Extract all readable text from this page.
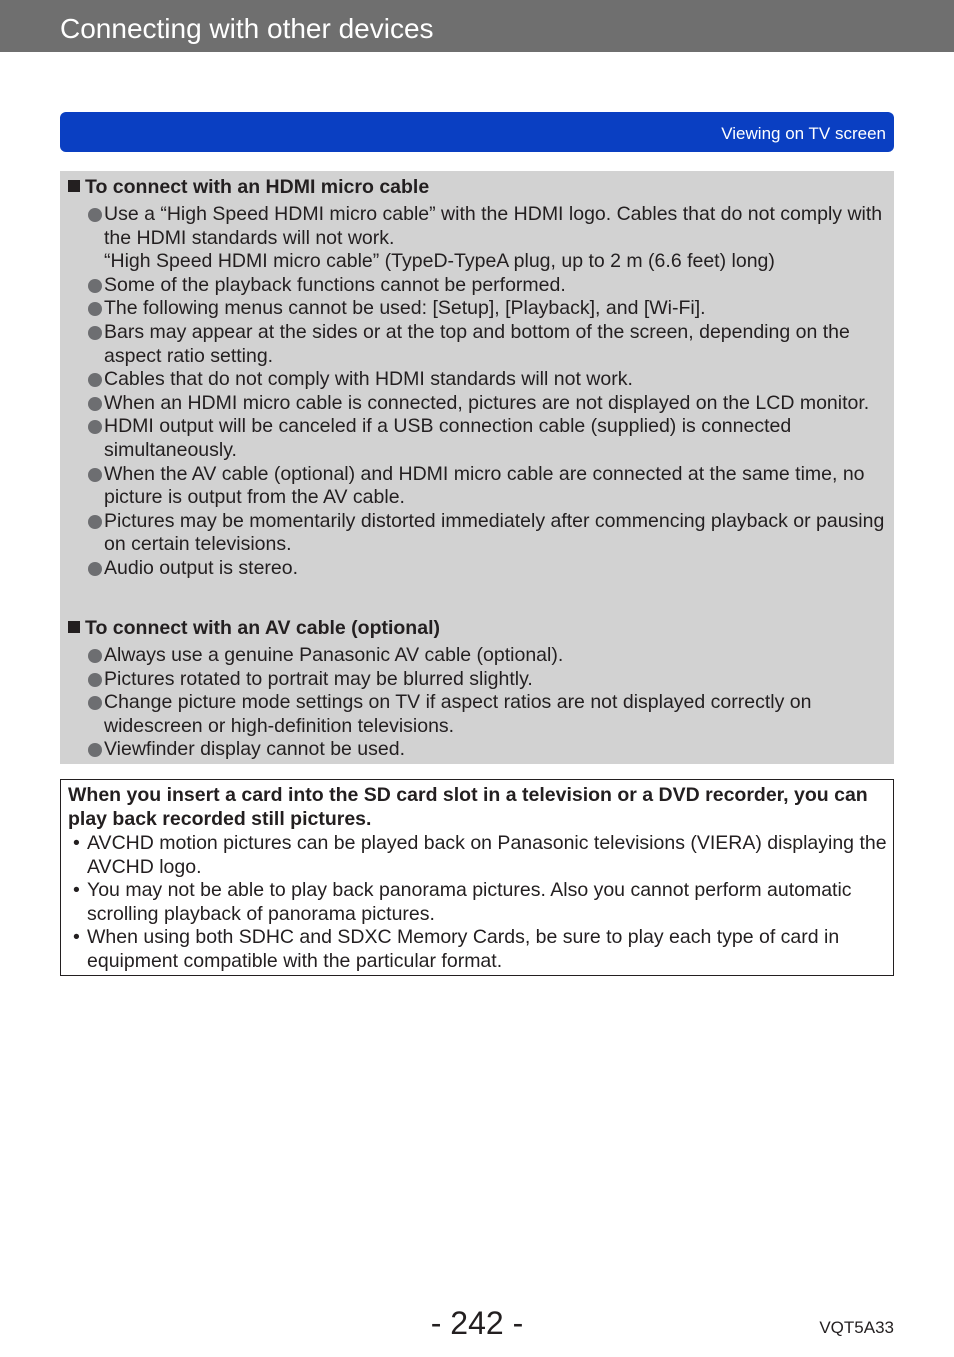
Connecting with other devices
Viewing on TV screen
To connect with an HDMI micro cable
Use a “High Speed HDMI micro cable” with the HDMI logo. Cables that do not comply with the HDMI standards will not work.
“High Speed HDMI micro cable” (TypeD-TypeA plug, up to 2 m (6.6 feet) long)
Some of the playback functions cannot be performed.
The following menus cannot be used: [Setup], [Playback], and [Wi-Fi].
Bars may appear at the sides or at the top and bottom of the screen, depending on the aspect ratio setting.
Cables that do not comply with HDMI standards will not work.
When an HDMI micro cable is connected, pictures are not displayed on the LCD monitor.
HDMI output will be canceled if a USB connection cable (supplied) is connected simultaneously.
When the AV cable (optional) and HDMI micro cable are connected at the same time, no picture is output from the AV cable.
Pictures may be momentarily distorted immediately after commencing playback or pausing on certain televisions.
Audio output is stereo.
To connect with an AV cable (optional)
Always use a genuine Panasonic AV cable (optional).
Pictures rotated to portrait may be blurred slightly.
Change picture mode settings on TV if aspect ratios are not displayed correctly on widescreen or high-definition televisions.
Viewfinder display cannot be used.
When you insert a card into the SD card slot in a television or a DVD recorder, you can play back recorded still pictures.
• AVCHD motion pictures can be played back on Panasonic televisions (VIERA) displaying the AVCHD logo.
• You may not be able to play back panorama pictures. Also you cannot perform automatic scrolling playback of panorama pictures.
• When using both SDHC and SDXC Memory Cards, be sure to play each type of card in equipment compatible with the particular format.
- 242 -	VQT5A33
